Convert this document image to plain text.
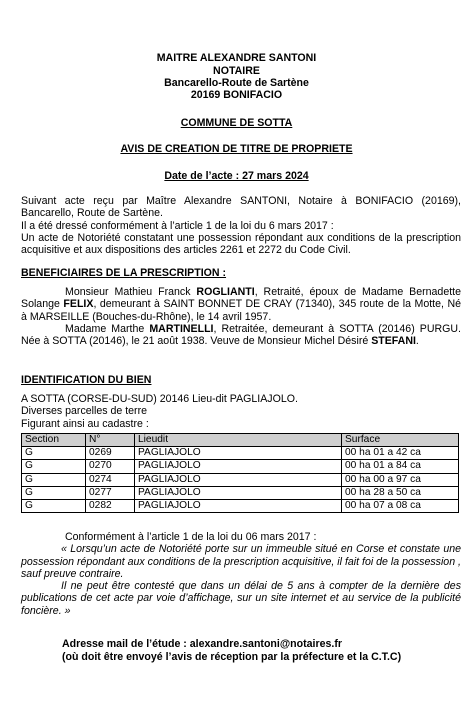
MAITRE ALEXANDRE SANTONI
NOTAIRE
Bancarello-Route de Sartène
20169 BONIFACIO
COMMUNE DE SOTTA
AVIS DE CREATION DE TITRE DE PROPRIETE
Date de l’acte : 27 mars 2024
Suivant acte reçu par Maître Alexandre SANTONI, Notaire à BONIFACIO (20169), Bancarello, Route de Sartène.
Il a été dressé conformément à l’article 1 de la loi du 6 mars 2017 :
Un acte de Notoriété constatant une possession répondant aux conditions de la prescription acquisitive et aux dispositions des articles 2261 et 2272 du Code Civil.
BENEFICIAIRES DE LA PRESCRIPTION :
Monsieur Mathieu Franck ROGLIANTI, Retraité, époux de Madame Bernadette Solange FELIX, demeurant à SAINT BONNET DE CRAY (71340), 345 route de la Motte, Né à MARSEILLE (Bouches-du-Rhône), le 14 avril 1957.
Madame Marthe MARTINELLI, Retraitée, demeurant à SOTTA (20146) PURGU. Née à SOTTA (20146), le 21 août 1938. Veuve de Monsieur Michel Désiré STEFANI.
IDENTIFICATION DU BIEN
A SOTTA (CORSE-DU-SUD) 20146 Lieu-dit PAGLIAJOLO.
Diverses parcelles de terre
Figurant ainsi au cadastre :
Section	N°	Lieudit	Surface
G	0269	PAGLIAJOLO	00 ha 01 a 42 ca
G	0270	PAGLIAJOLO	00 ha 01 a 84 ca
G	0274	PAGLIAJOLO	00 ha 00 a 97 ca
G	0277	PAGLIAJOLO	00 ha 28 a 50 ca
G	0282	PAGLIAJOLO	00 ha 07 a 08 ca
Conformément à l’article 1 de la loi du 06 mars 2017 :
« Lorsqu’un acte de Notoriété porte sur un immeuble situé en Corse et constate une possession répondant aux conditions de la prescription acquisitive, il fait foi de la possession , sauf preuve contraire.
Il ne peut être contesté que dans un délai de 5 ans à compter de la dernière des publications de cet acte par voie d’affichage, sur un site internet et au service de la publicité foncière. »
Adresse mail de l’étude : alexandre.santoni@notaires.fr
(où doit être envoyé l’avis de réception par la préfecture et la C.T.C)
